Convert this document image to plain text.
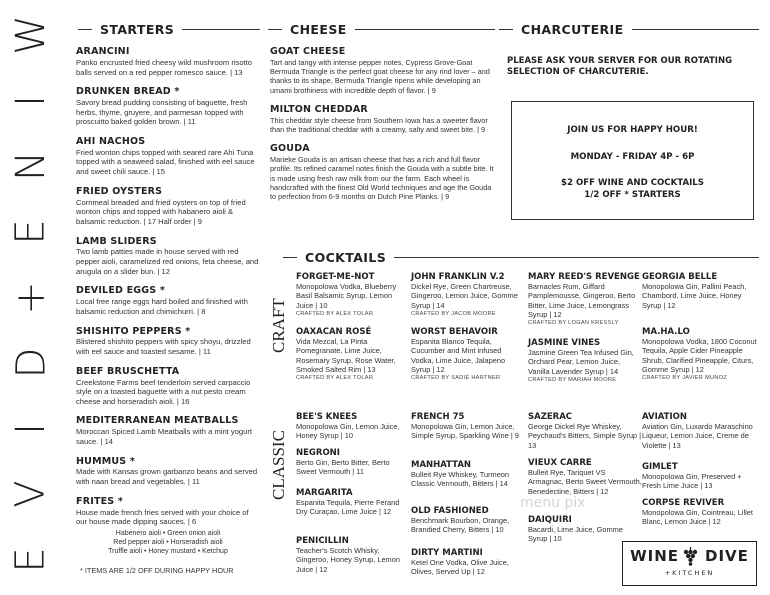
W
I
N
E
+
D
I
V
E
STARTERS	CHEESE	CHARCUTERIE
COCKTAILS
ARANCINI
Panko encrusted fried cheesy wild mushroom risotto balls served on a red pepper romesco sauce. | 13
DRUNKEN BREAD *
Savory bread pudding consisting of baguette, fresh herbs, thyme, gruyere, and parmesan topped with proscuitto baked golden brown. | 11
AHI NACHOS
Fried wonton chips topped with seared rare Ahi Tuna topped with a seaweed salad, finished with eel sauce and sweet chili sauce. | 15
FRIED OYSTERS
Cornmeal breaded and fried oysters on top of fried wonton chips and topped with habanero aioli & balsamic reduction. | 17 Half order | 9
LAMB SLIDERS
Two lamb patties made in house served with red pepper aioli, caramelized red onions, feta cheese, and arugula on a slider bun. | 12
DEVILED EGGS *
Local free range eggs hard boiled and finished with balsamic reduction and chimichurri. | 8
SHISHITO PEPPERS *
Blistered shishito peppers with spicy shoyu, drizzled with eel sauce and toasted sesame. | 11
BEEF BRUSCHETTA
Creekstone Farms beef tenderloin served carpaccio style on a toasted baguette with a nut pesto cream cheese and horseradish aioli. | 16
MEDITERRANEAN MEATBALLS
Moroccan Spiced Lamb Meatballs with a mint yogurt sauce. | 14
HUMMUS *
Made with Kansas grown garbanzo beans and served with naan bread and vegetables. | 11
FRITES *
House made french fries served with your choice of our house made dipping sauces. | 6
Habenero aioli • Green onion aioli
Red pepper aioli • Horseradish aioli
Truffle aioli • Honey mustard • Ketchup
* ITEMS ARE 1/2 OFF DURING HAPPY HOUR
GOAT CHEESE
Tart and tangy with intense pepper notes, Cypress Grove-Goat Bermuda Triangle is the perfect goat cheese for any rind lover – and thanks to its shape, Bermuda Triangle ripens while developing an umami brothiness with incredible depth of flavor. | 9
MILTON CHEDDAR
This cheddar style cheese from Southern Iowa has a sweeter flavor than the traditional cheddar with a creamy, salty and sweet bite. | 9
GOUDA
Marieke Gouda is an artisan cheese that has a rich and full flavor profile. Its refined caramel notes finish the Gouda with a subtle bite. It is made using fresh raw milk from our the farm. Each wheel is handcrafted with the finest Old World techniques and age the Gouda to perfection from 6-9 months on Dutch Pine Planks. | 9
PLEASE ASK YOUR SERVER FOR OUR ROTATING SELECTION OF CHARCUTERIE.
JOIN US FOR HAPPY HOUR!
MONDAY - FRIDAY 4P - 6P
$2 OFF WINE AND COCKTAILS
1/2 OFF * STARTERS
CRAFT
CLASSIC
FORGET-ME-NOT
Monopolowa Vodka, Blueberry Basil Balsamic Syrup, Lemon Juice | 10
CRAFTED BY ALEX TOLAR
JOHN FRANKLIN V.2
Dickel Rye, Green Chartreuse, Gingeroo, Lemon Juice, Gomme Syrup | 14
CRAFTED BY JACOB MOORE
MARY REED'S REVENGE
Barnacles Rum, Giffard Pamplemousse, Gingeroo, Berto Bitter, Lime Juice, Lemongrass Syrup | 12
CRAFTED BY LOGAN KRESSLY
GEORGIA BELLE
Monopolowa Gin, Pallini Peach, Chambord, Lime Juice, Honey Syrup | 12
OAXACAN ROSÉ
Vida Mezcal, La Pinta Pomegranate, Lime Juice, Rosemary Syrup, Rose Water, Smoked Salted Rim | 13
CRAFTED BY ALEX TOLAR
WORST BEHAVOIR
Espanita Blanco Tequila, Cucumber and Mint infused Vodka, Lime Juice, Jalapeno Syrup | 12
CRAFTED BY SADIE HARTNER
JASMINE VINES
Jasmine Green Tea Infused Gin, Orchard Pear, Lemon Juice, Vanilla Lavender Syrup | 14
CRAFTED BY MARIAH MOORE
MA.HA.LO
Monopolowa Vodka, 1800 Coconut Tequila, Apple Cider Pineapple Shrub, Clarified Pineapple, Citurs, Gomme Syrup | 12
CRAFTED BY JAVIER MUNOZ
BEE'S KNEES
Monopolowa Gin, Lemon Juice, Honey Syrup | 10
FRENCH 75
Monopolowa Gin, Lemon Juice, Simple Syrup, Sparkling Wine | 9
SAZERAC
George Dickel Rye Whiskey, Peychaud's Bitters, Simple Syrup | 13
AVIATION
Aviation Gin, Luxardo Maraschino Liqueur, Lemon Juice, Creme de Violette | 13
NEGRONI
Berto Gin, Berto Bitter, Berto Sweet Vermouth | 11
MANHATTAN
Bulleit Rye Whiskey, Turmeon Classic Vermouth, Bitters | 14
VIEUX CARRE
Bulleit Rye, Tariquet VS Armagnac, Berto Sweet Vermouth, Benedectine, Bitters | 12
GIMLET
Monopolowa Gin, Preserved + Fresh Lime Juice | 13
MARGARITA
Espanita Tequila, Pierre Ferand Dry Curaçao, Lime Juice | 12	OLD FASHIONED
Benchmark Bourbon, Orange, Brandied Cherry, Bitters | 10
DAIQUIRI
Bacardi, Lime Juice, Gomme Syrup | 10
CORPSE REVIVER
Monopolowa Gin, Cointreau, Lillet Blanc, Lemon Juice | 12
PENICILLIN
Teacher's Scotch Whisky, Gingeroo, Honey Syrup, Lemon Juice | 12
DIRTY MARTINI
Ketel One Vodka, Olive Juice, Olives, Served Up | 12
menu pix
WINE DIVE
+KITCHEN
